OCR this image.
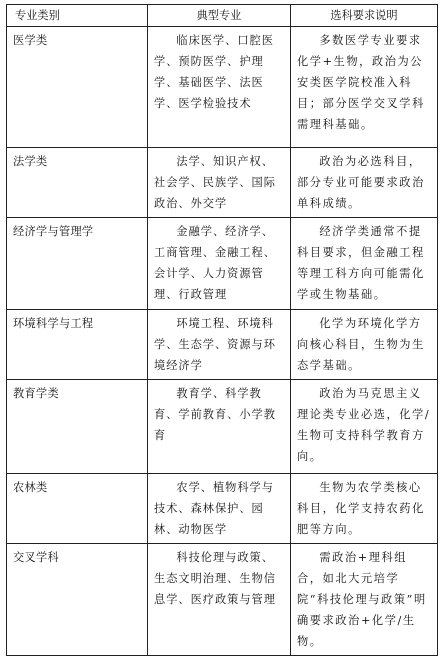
专业类别	典型专业	选科要求说明
医学类	临床医学、口腔医学、预防医学、护理学、基础医学、法医学、医学检验技术	多数医学专业要求化学+生物，政治为公安类医学院校准入科目；部分医学交叉学科需理科基础。
法学类	法学、知识产权、社会学、民族学、国际政治、外交学	政治为必选科目，部分专业可能要求政治单科成绩。
经济学与管理学	金融学、经济学、工商管理、金融工程、会计学、人力资源管理、行政管理	经济学类通常不提科目要求，但金融工程等理工科方向可能需化学或生物基础。
环境科学与工程	环境工程、环境科学、生态学、资源与环境经济学	化学为环境化学方向核心科目，生物为生态学基础。
教育学类	教育学、科学教育、学前教育、小学教育	政治为马克思主义理论类专业必选，化学/生物可支持科学教育方向。
农林类	农学、植物科学与技术、森林保护、园林、动物医学	生物为农学类核心科目，化学支持农药化肥等方向。
交叉学科	科技伦理与政策、生态文明治理、生物信息学、医疗政策与管理	需政治+理科组合，如北大元培学院“科技伦理与政策”明确要求政治+化学/生物。
